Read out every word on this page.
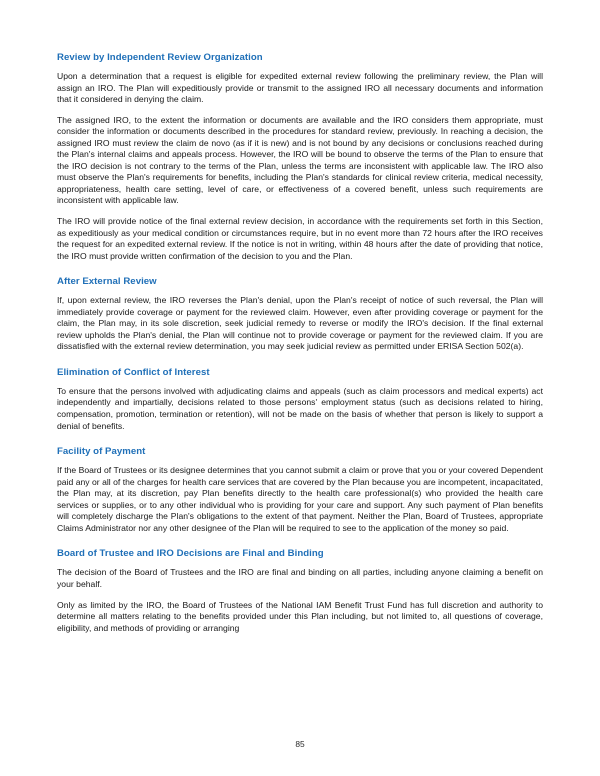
Review by Independent Review Organization

Upon a determination that a request is eligible for expedited external review following the preliminary review, the Plan will assign an IRO. The Plan will expeditiously provide or transmit to the assigned IRO all necessary documents and information that it considered in denying the claim.

The assigned IRO, to the extent the information or documents are available and the IRO considers them appropriate, must consider the information or documents described in the procedures for standard review, previously. In reaching a decision, the assigned IRO must review the claim de novo (as if it is new) and is not bound by any decisions or conclusions reached during the Plan's internal claims and appeals process. However, the IRO will be bound to observe the terms of the Plan to ensure that the IRO decision is not contrary to the terms of the Plan, unless the terms are inconsistent with applicable law. The IRO also must observe the Plan's requirements for benefits, including the Plan's standards for clinical review criteria, medical necessity, appropriateness, health care setting, level of care, or effectiveness of a covered benefit, unless such requirements are inconsistent with applicable law.

The IRO will provide notice of the final external review decision, in accordance with the requirements set forth in this Section, as expeditiously as your medical condition or circumstances require, but in no event more than 72 hours after the IRO receives the request for an expedited external review. If the notice is not in writing, within 48 hours after the date of providing that notice, the IRO must provide written confirmation of the decision to you and the Plan.

After External Review

If, upon external review, the IRO reverses the Plan's denial, upon the Plan's receipt of notice of such reversal, the Plan will immediately provide coverage or payment for the reviewed claim. However, even after providing coverage or payment for the claim, the Plan may, in its sole discretion, seek judicial remedy to reverse or modify the IRO's decision. If the final external review upholds the Plan's denial, the Plan will continue not to provide coverage or payment for the reviewed claim. If you are dissatisfied with the external review determination, you may seek judicial review as permitted under ERISA Section 502(a).

Elimination of Conflict of Interest

To ensure that the persons involved with adjudicating claims and appeals (such as claim processors and medical experts) act independently and impartially, decisions related to those persons' employment status (such as decisions related to hiring, compensation, promotion, termination or retention), will not be made on the basis of whether that person is likely to support a denial of benefits.

Facility of Payment

If the Board of Trustees or its designee determines that you cannot submit a claim or prove that you or your covered Dependent paid any or all of the charges for health care services that are covered by the Plan because you are incompetent, incapacitated, the Plan may, at its discretion, pay Plan benefits directly to the health care professional(s) who provided the health care services or supplies, or to any other individual who is providing for your care and support. Any such payment of Plan benefits will completely discharge the Plan's obligations to the extent of that payment. Neither the Plan, Board of Trustees, appropriate Claims Administrator nor any other designee of the Plan will be required to see to the application of the money so paid.

Board of Trustee and IRO Decisions are Final and Binding

The decision of the Board of Trustees and the IRO are final and binding on all parties, including anyone claiming a benefit on your behalf.

Only as limited by the IRO, the Board of Trustees of the National IAM Benefit Trust Fund has full discretion and authority to determine all matters relating to the benefits provided under this Plan including, but not limited to, all questions of coverage, eligibility, and methods of providing or arranging

85
